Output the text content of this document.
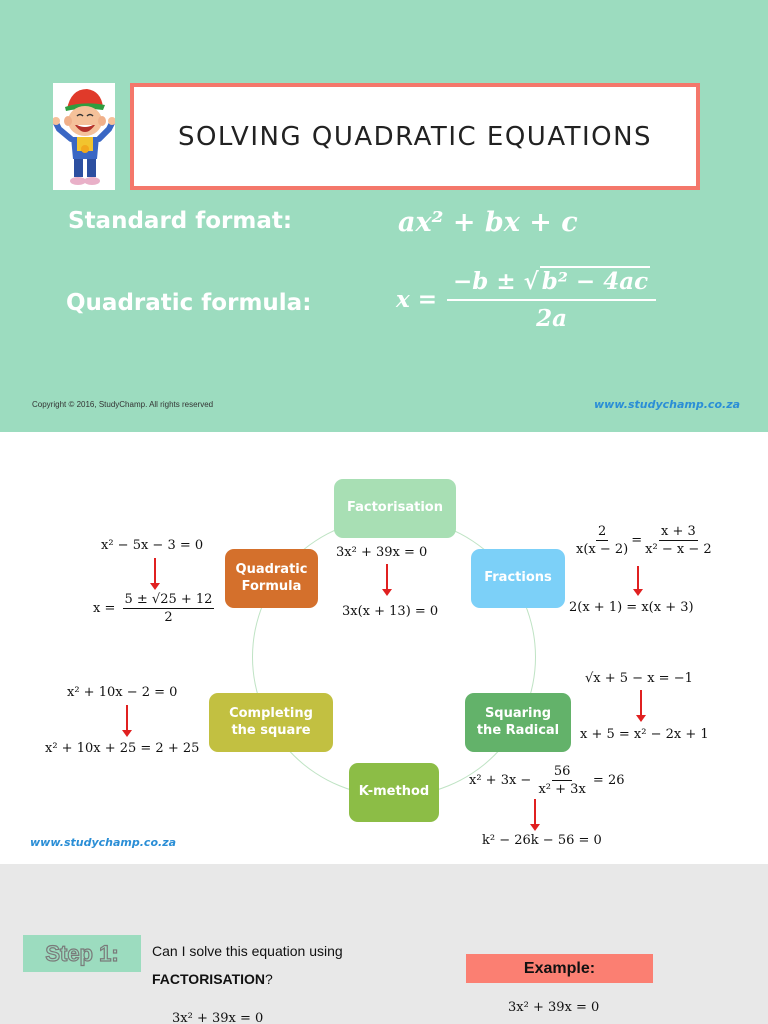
SOLVING QUADRATIC EQUATIONS
Standard format:	ax² + bx + c
Quadratic formula:	$x = \frac{\text{−b ± √ b² − 4ac}}{2a}$
Copyright © 2016, StudyChamp. All rights reserved	www.studychamp.co.za
Factorisation
Fractions
Squaring the Radical
K-method
Completing the square
Quadratic Formula
x² − 5x − 3 = 0
$x = \frac{5 \pm √25 + 12}{2}$
3x² + 39x = 0
3x(x + 13) = 0
$\frac{2}{x(x - 2)} = \frac{x + 3}{\text{x² − x − 2}}$
2(x + 1) = x(x + 3)
x² + 10x − 2 = 0
x² + 10x + 25 = 2 + 25
√x + 5 − x = −1
x + 5 = x² − 2x + 1
$x^2 + 3x - \frac{56}{\text{x² + 3x}} = 26$
k² − 26k − 56 = 0
www.studychamp.co.za
Step 1:	Can I solve this equation using
FACTORISATION?
Example:
3x² + 39x = 0
3x² + 39x = 0
